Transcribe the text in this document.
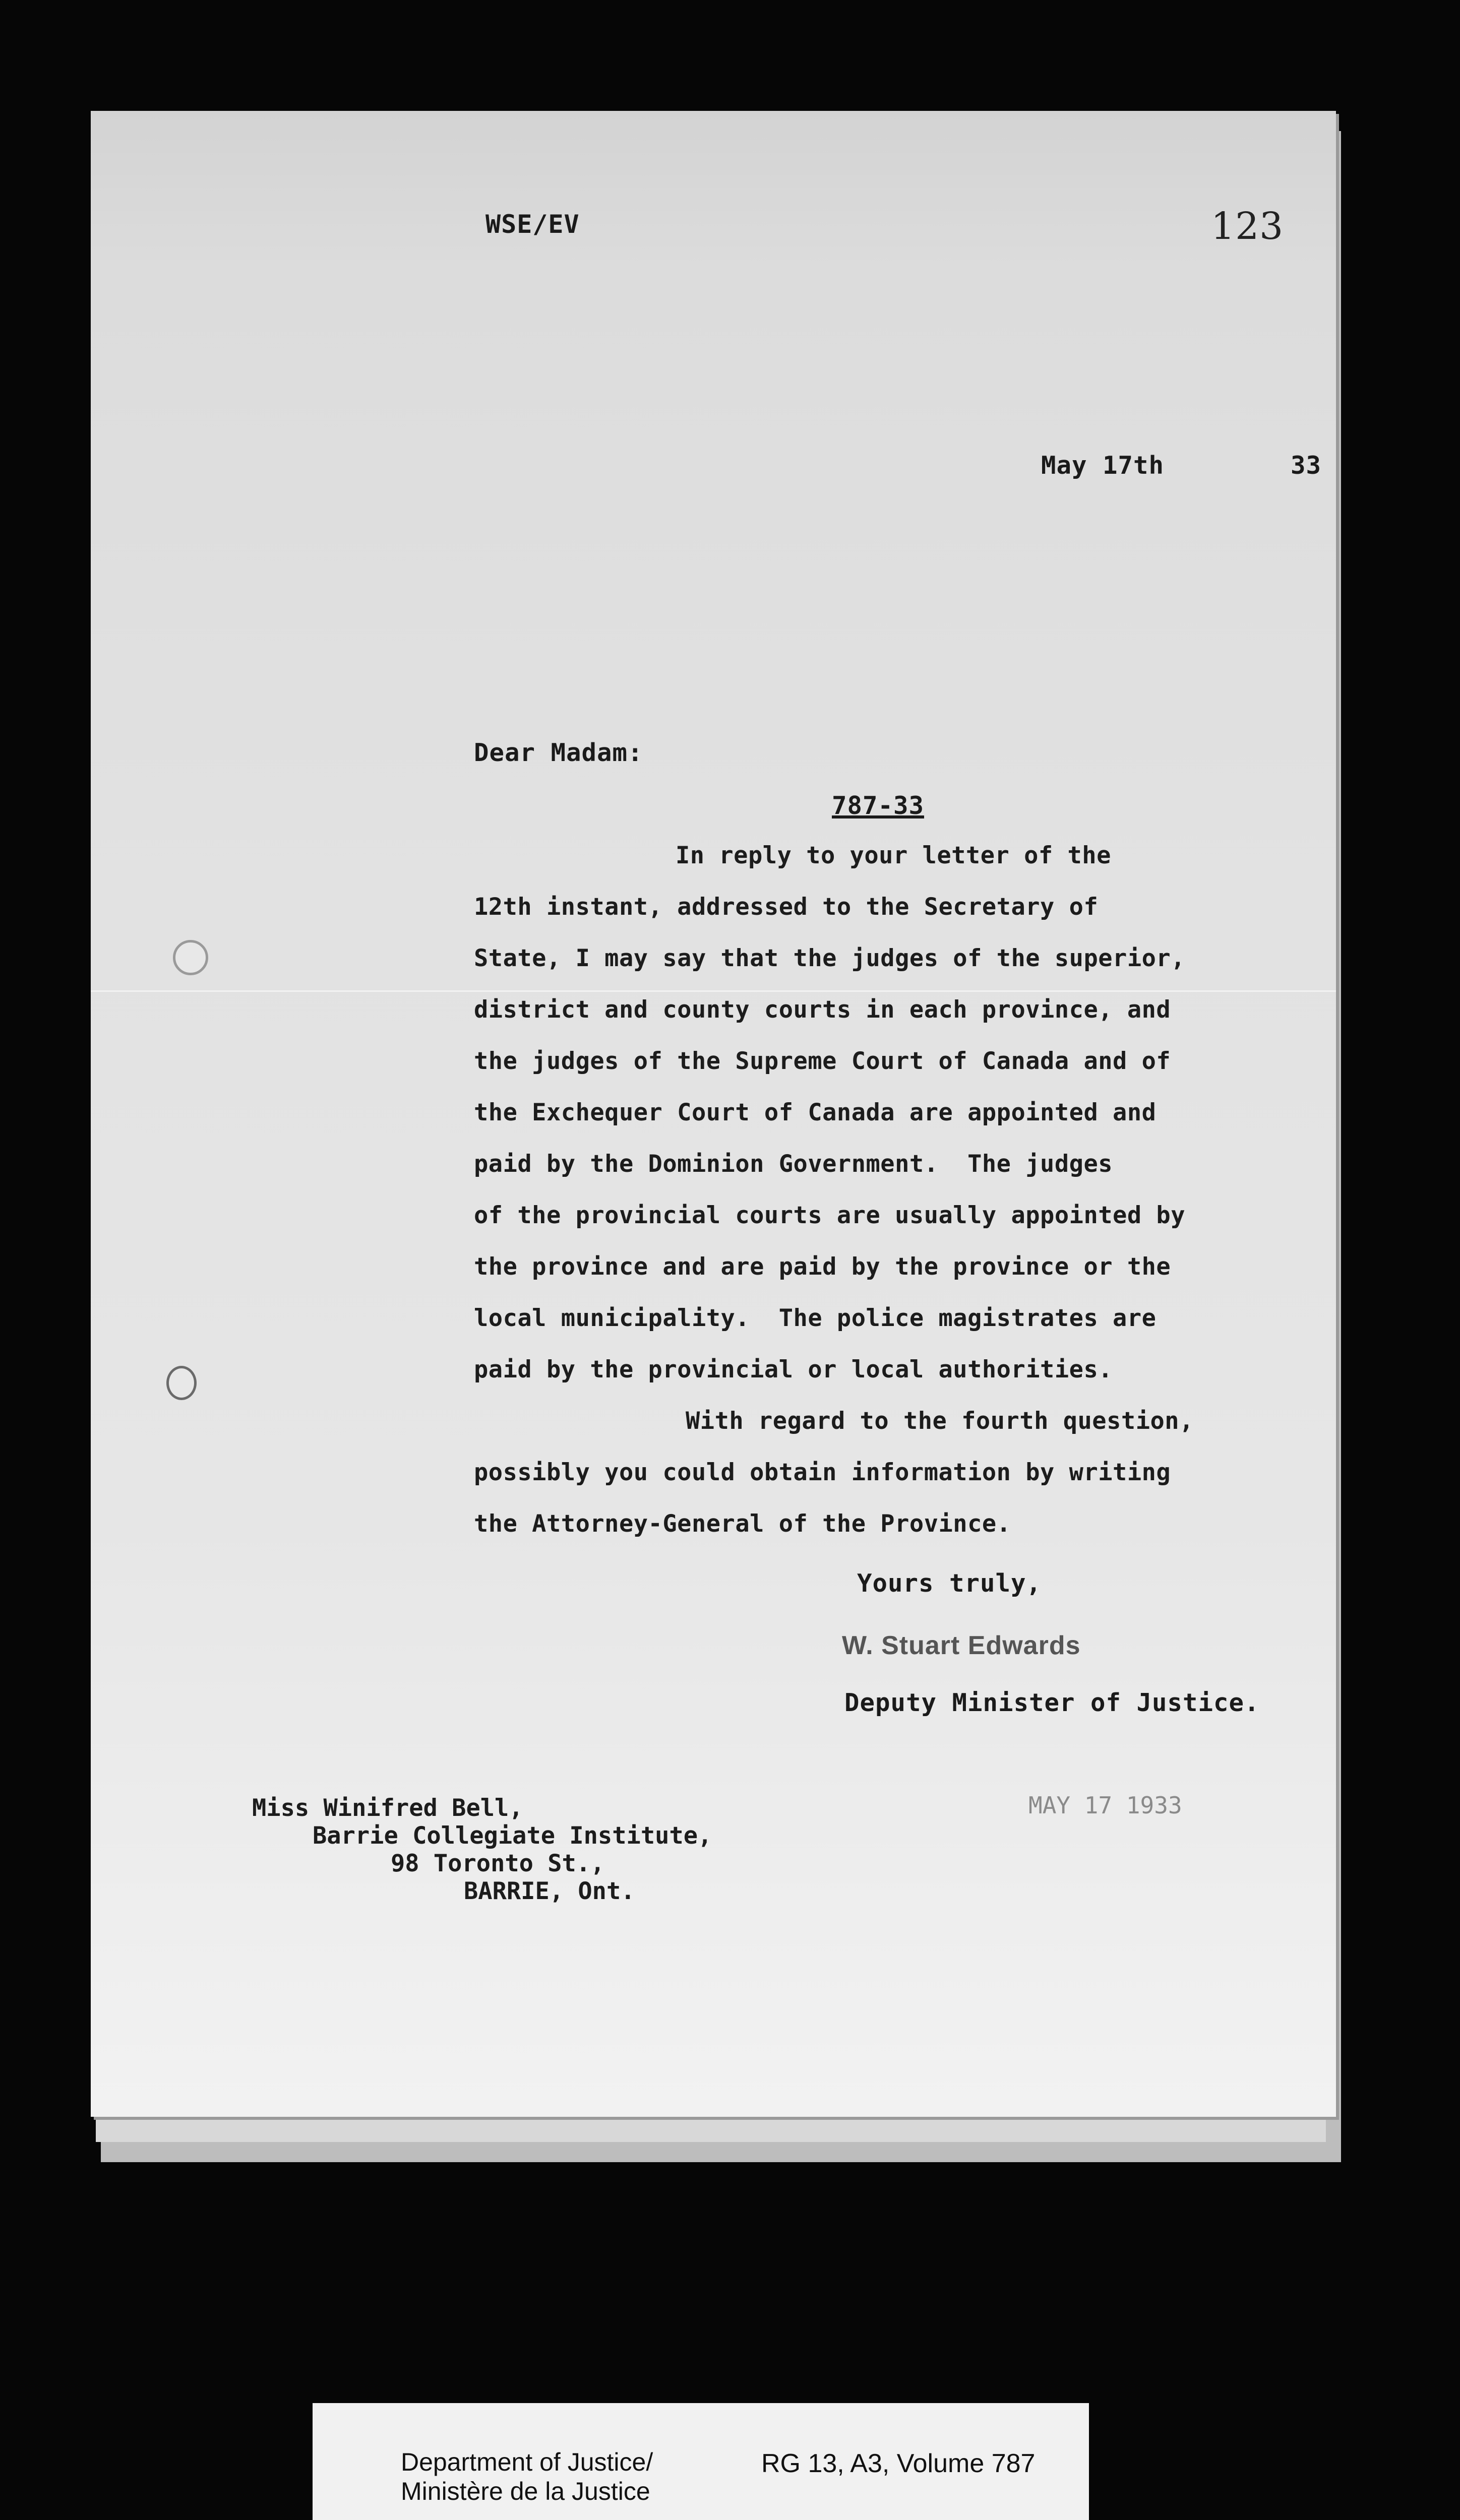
WSE/EV	123
May 17th	33
Dear Madam:
787-33
In reply to your letter of the
12th instant, addressed to the Secretary of
State, I may say that the judges of the superior,
district and county courts in each province, and
the judges of the Supreme Court of Canada and of
the Exchequer Court of Canada are appointed and
paid by the Dominion Government.  The judges
of the provincial courts are usually appointed by
the province and are paid by the province or the
local municipality.  The police magistrates are
paid by the provincial or local authorities.
With regard to the fourth question,
possibly you could obtain information by writing
the Attorney-General of the Province.
Yours truly,
W. Stuart Edwards
Deputy Minister of Justice.
Miss Winifred Bell,
Barrie Collegiate Institute,
98 Toronto St.,
BARRIE, Ont.
MAY 17 1933
Department of Justice/
Ministère de la Justice
RG 13, A3, Volume 787
